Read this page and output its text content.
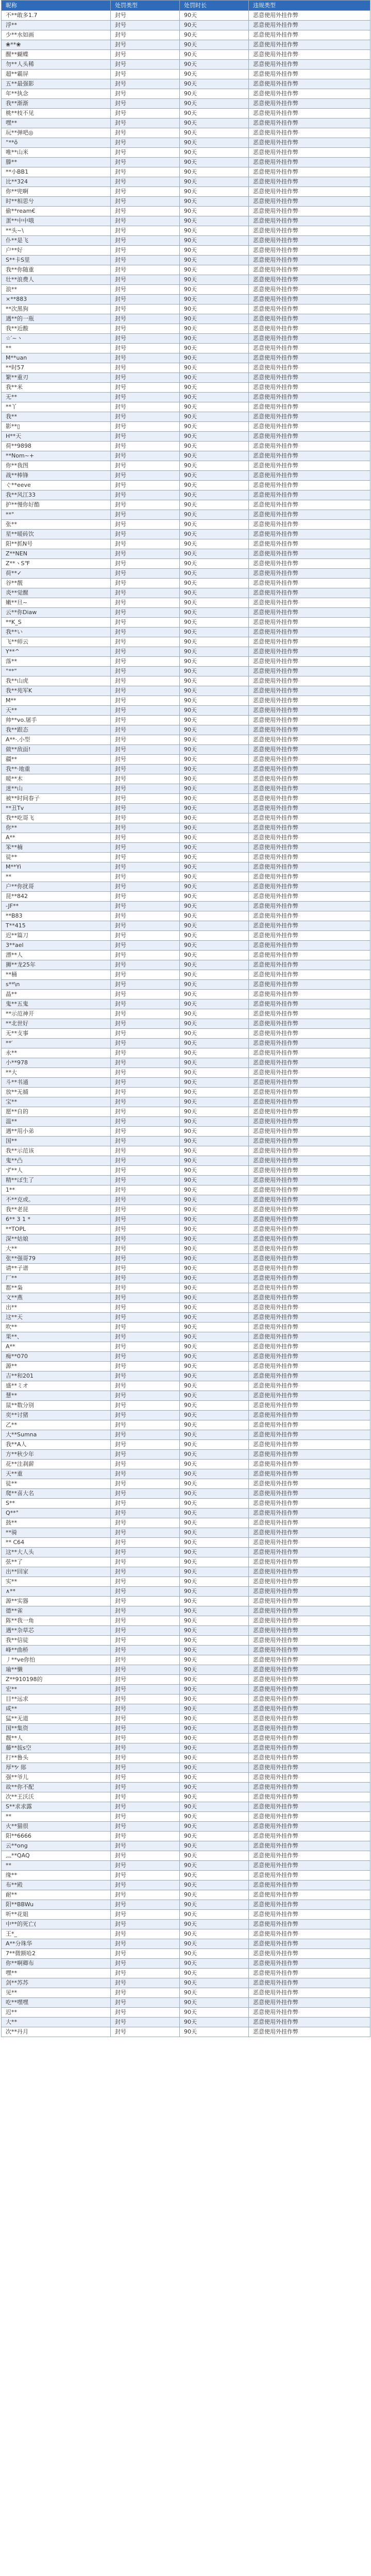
昵称	处罚类型	处罚时长	违规类型
不**敢多1.7	封号	90天	恶意使用外挂作弊
浮**	封号	90天	恶意使用外挂作弊
少**水如画	封号	90天	恶意使用外挂作弊
❀**❀	封号	90天	恶意使用外挂作弊
醒**蝴蝶	封号	90天	恶意使用外挂作弊
勿**人头稀	封号	90天	恶意使用外挂作弊
超**霸屏	封号	90天	恶意使用外挂作弊
五**最强影	封号	90天	恶意使用外挂作弊
年**执念	封号	90天	恶意使用外挂作弊
我**渐渐	封号	90天	恶意使用外挂作弊
桃**枝不见	封号	90天	恶意使用外挂作弊
嘿**	封号	90天	恶意使用外挂作弊
玩**弹吧◎	封号	90天	恶意使用外挂作弊
°**ǒ	封号	90天	恶意使用外挂作弊
唯**山米	封号	90天	恶意使用外挂作弊
滕**	封号	90天	恶意使用外挂作弊
**小BB1	封号	90天	恶意使用外挂作弊
比**324	封号	90天	恶意使用外挂作弊
你**兜啊	封号	90天	恶意使用外挂作弊
时**相思兮	封号	90天	恶意使用外挂作弊
偷**ream€	封号	90天	恶意使用外挂作弊
蛋**中中哦	封号	90天	恶意使用外挂作弊
**头~\	封号	90天	恶意使用外挂作弊
仆**是飞	封号	90天	恶意使用外挂作弊
户**好	封号	90天	恶意使用外挂作弊
S**卡S里	封号	90天	恶意使用外挂作弊
我**你随重	封号	90天	恶意使用外挂作弊
壮**浪费人	封号	90天	恶意使用外挂作弊
浪**	封号	90天	恶意使用外挂作弊
×**883	封号	90天	恶意使用外挂作弊
**次黑狗	封号	90天	恶意使用外挂作弊
遇**的一瓶	封号	90天	恶意使用外挂作弊
我**近酸	封号	90天	恶意使用外挂作弊
☆′~ヽ	封号	90天	恶意使用外挂作弊
**	封号	90天	恶意使用外挂作弊
M**uan	封号	90天	恶意使用外挂作弊
**时57	封号	90天	恶意使用外挂作弊
繁**重刃	封号	90天	恶意使用外挂作弊
我**米	封号	90天	恶意使用外挂作弊
无**	封号	90天	恶意使用外挂作弊
**丫	封号	90天	恶意使用外挂作弊
我**	封号	90天	恶意使用外挂作弊
影**▯	封号	90天	恶意使用外挂作弊
H**天	封号	90天	恶意使用外挂作弊
荷**9898	封号	90天	恶意使用外挂作弊
**Nom~+	封号	90天	恶意使用外挂作弊
你**我图	封号	90天	恶意使用外挂作弊
战**棒锋	封号	90天	恶意使用外挂作弊
ぐ**eeve	封号	90天	恶意使用外挂作弊
我**风江33	封号	90天	恶意使用外挂作弊
护**慢你好酷	封号	90天	恶意使用外挂作弊
**°	封号	90天	恶意使用外挂作弊
张**	封号	90天	恶意使用外挂作弊
星**暖砖饮	封号	90天	恶意使用外挂作弊
阳**抓N号	封号	90天	恶意使用外挂作弊
Z**NEN	封号	90天	恶意使用外挂作弊
Z**ヽS℉	封号	90天	恶意使用外挂作弊
荷**✓	封号	90天	恶意使用外挂作弊
谷**靓	封号	90天	恶意使用外挂作弊
炎**觉醒	封号	90天	恶意使用外挂作弊
嫩**旦~	封号	90天	恶意使用外挂作弊
云**你Diaw	封号	90天	恶意使用外挂作弊
**K_S	封号	90天	恶意使用外挂作弊
我**い	封号	90天	恶意使用外挂作弊
飞**师云	封号	90天	恶意使用外挂作弊
Y**^	封号	90天	恶意使用外挂作弊
落**	封号	90天	恶意使用外挂作弊
°**"	封号	90天	恶意使用外挂作弊
我**山虎	封号	90天	恶意使用外挂作弊
我**苑军K	封号	90天	恶意使用外挂作弊
M**	封号	90天	恶意使用外挂作弊
天**	封号	90天	恶意使用外挂作弊
帅**vo.屠手	封号	90天	恶意使用外挂作弊
我**跟态	封号	90天	恶意使用外挂作弊
A**·.小型	封号	90天	恶意使用外挂作弊
做**敌面!	封号	90天	恶意使用外挂作弊
疆**	封号	90天	恶意使用外挂作弊
我**·地重	封号	90天	恶意使用外挂作弊
暖**木	封号	90天	恶意使用外挂作弊
迷**山	封号	90天	恶意使用外挂作弊
被**时间春子	封号	90天	恶意使用外挂作弊
**丑Tv	封号	90天	恶意使用外挂作弊
我**吃哥飞	封号	90天	恶意使用外挂作弊
你**	封号	90天	恶意使用外挂作弊
A**	封号	90天	恶意使用外挂作弊
笨**楠	封号	90天	恶意使用外挂作弊
徒**	封号	90天	恶意使用外挂作弊
M**Yi	封号	90天	恶意使用外挂作弊
**	封号	90天	恶意使用外挂作弊
户**你扰哥	封号	90天	恶意使用外挂作弊
昆**842	封号	90天	恶意使用外挂作弊
-JF**	封号	90天	恶意使用外挂作弊
**B83	封号	90天	恶意使用外挂作弊
T**415	封号	90天	恶意使用外挂作弊
迟**篇刀	封号	90天	恶意使用外挂作弊
3**ael	封号	90天	恶意使用外挂作弊
漂**人	封号	90天	恶意使用外挂作弊
狮**龙25年	封号	90天	恶意使用外挂作弊
**桶	封号	90天	恶意使用外挂作弊
s**\n	封号	90天	恶意使用外挂作弊
晶**	封号	90天	恶意使用外挂作弊
鬼**五鬼	封号	90天	恶意使用外挂作弊
**示范神开	封号	90天	恶意使用外挂作弊
**北世好	封号	90天	恶意使用外挂作弊
无**支事	封号	90天	恶意使用外挂作弊
**′	封号	90天	恶意使用外挂作弊
永**	封号	90天	恶意使用外挂作弊
小**978	封号	90天	恶意使用外挂作弊
**大	封号	90天	恶意使用外挂作弊
斗**书通	封号	90天	恶意使用外挂作弊
放**无捕	封号	90天	恶意使用外挂作弊
宝**	封号	90天	恶意使用外挂作弊
愿**自的	封号	90天	恶意使用外挂作弊
温**	封号	90天	恶意使用外挂作弊
遇**用小弟	封号	90天	恶意使用外挂作弊
国**	封号	90天	恶意使用外挂作弊
我**示范该	封号	90天	恶意使用外挂作弊
鬼**凸	封号	90天	恶意使用外挂作弊
ず**人	封号	90天	恶意使用外挂作弊
精**ぼ生了	封号	90天	恶意使用外挂作弊
1**	封号	90天	恶意使用外挂作弊
不**克或。	封号	90天	恶意使用外挂作弊
我**老昆	封号	90天	恶意使用外挂作弊
6** 3 1 *	封号	90天	恶意使用外挂作弊
**TOPL	封号	90天	恶意使用外挂作弊
深**姑娘	封号	90天	恶意使用外挂作弊
大**	封号	90天	恶意使用外挂作弊
张**强哥79	封号	90天	恶意使用外挂作弊
请**子谱	封号	90天	恶意使用外挂作弊
厂**	封号	90天	恶意使用外挂作弊
都**枭	封号	90天	恶意使用外挂作弊
文**燕	封号	90天	恶意使用外挂作弊
出**	封号	90天	恶意使用外挂作弊
这**天	封号	90天	恶意使用外挂作弊
吹**	封号	90天	恶意使用外挂作弊
果**、	封号	90天	恶意使用外挂作弊
A**	封号	90天	恶意使用外挂作弊
痴**070	封号	90天	恶意使用外挂作弊
源**	封号	90天	恶意使用外挂作弊
吉**和201	封号	90天	恶意使用外挂作弊
盛**ミオ	封号	90天	恶意使用外挂作弊
慧**	封号	90天	恶意使用外挂作弊
鼠**数分别	封号	90天	恶意使用外挂作弊
奕**讨猪	封号	90天	恶意使用外挂作弊
乙**	封号	90天	恶意使用外挂作弊
大**Sumna	封号	90天	恶意使用外挂作弊
我**A人	封号	90天	恶意使用外挂作弊
方**秋少年	封号	90天	恶意使用外挂作弊
花**注刹薪	封号	90天	恶意使用外挂作弊
天**重	封号	90天	恶意使用外挂作弊
徒**	封号	90天	恶意使用外挂作弊
爬**喜大名	封号	90天	恶意使用外挂作弊
S**	封号	90天	恶意使用外挂作弊
Q**°	封号	90天	恶意使用外挂作弊
鼓**	封号	90天	恶意使用外挂作弊
**骑	封号	90天	恶意使用外挂作弊
** C64	封号	90天	恶意使用外挂作弊
这**大人头	封号	90天	恶意使用外挂作弊
弦**了	封号	90天	恶意使用外挂作弊
出**回家	封号	90天	恶意使用外挂作弊
实**	封号	90天	恶意使用外挂作弊
∧**	封号	90天	恶意使用外挂作弊
源**实器	封号	90天	恶意使用外挂作弊
德**雀	封号	90天	恶意使用外挂作弊
陈**我一角	封号	90天	恶意使用外挂作弊
遇**杂草芯	封号	90天	恶意使用外挂作弊
我**信徒	封号	90天	恶意使用外挂作弊
峰**曲桥	封号	90天	恶意使用外挂作弊
丿**ve你怕	封号	90天	恶意使用外挂作弊
瑜**懒	封号	90天	恶意使用外挂作弊
Z**910198的	封号	90天	恶意使用外挂作弊
宏**	封号	90天	恶意使用外挂作弊
目**远求	封号	90天	恶意使用外挂作弊
咸**	封号	90天	恶意使用外挂作弊
猛**无道	封号	90天	恶意使用外挂作弊
国**集资	封号	90天	恶意使用外挂作弊
靓**人	封号	90天	恶意使用外挂作弊
藤**拔s空	封号	90天	恶意使用外挂作弊
打**鲁头	封号	90天	恶意使用外挂作弊
厚** ̷̷ 郧	封号	90天	恶意使用外挂作弊
强**爷儿	封号	90天	恶意使用外挂作弊
故**你不配	封号	90天	恶意使用外挂作弊
次**王沃沃	封号	90天	恶意使用外挂作弊
S**求求露	封号	90天	恶意使用外挂作弊
**	封号	90天	恶意使用外挂作弊
火**猫很	封号	90天	恶意使用外挂作弊
阳**6666	封号	90天	恶意使用外挂作弊
云**ong	封号	90天	恶意使用外挂作弊
灬**QAQ	封号	90天	恶意使用外挂作弊
**	封号	90天	恶意使用外挂作弊
缘**	封号	90天	恶意使用外挂作弊
布**殿	封号	90天	恶意使用外挂作弊
耐**	封号	90天	恶意使用外挂作弊
阳**BBWu	封号	90天	恶意使用外挂作弊
听**花姐	封号	90天	恶意使用外挂作弊
中**的死亡(	封号	90天	恶意使用外挂作弊
王*_	封号	90天	恶意使用外挂作弊
A**分珠华	封号	90天	恶意使用外挂作弊
7**微额哈2	封号	90天	恶意使用外挂作弊
你**啊卿布	封号	90天	恶意使用外挂作弊
嘿**	封号	90天	恶意使用外挂作弊
剑**苏苏	封号	90天	恶意使用外挂作弊
见**	封号	90天	恶意使用外挂作弊
吃**嘿嘿	封号	90天	恶意使用外挂作弊
迟**	封号	90天	恶意使用外挂作弊
大**	封号	90天	恶意使用外挂作弊
次**丹月	封号	90天	恶意使用外挂作弊
